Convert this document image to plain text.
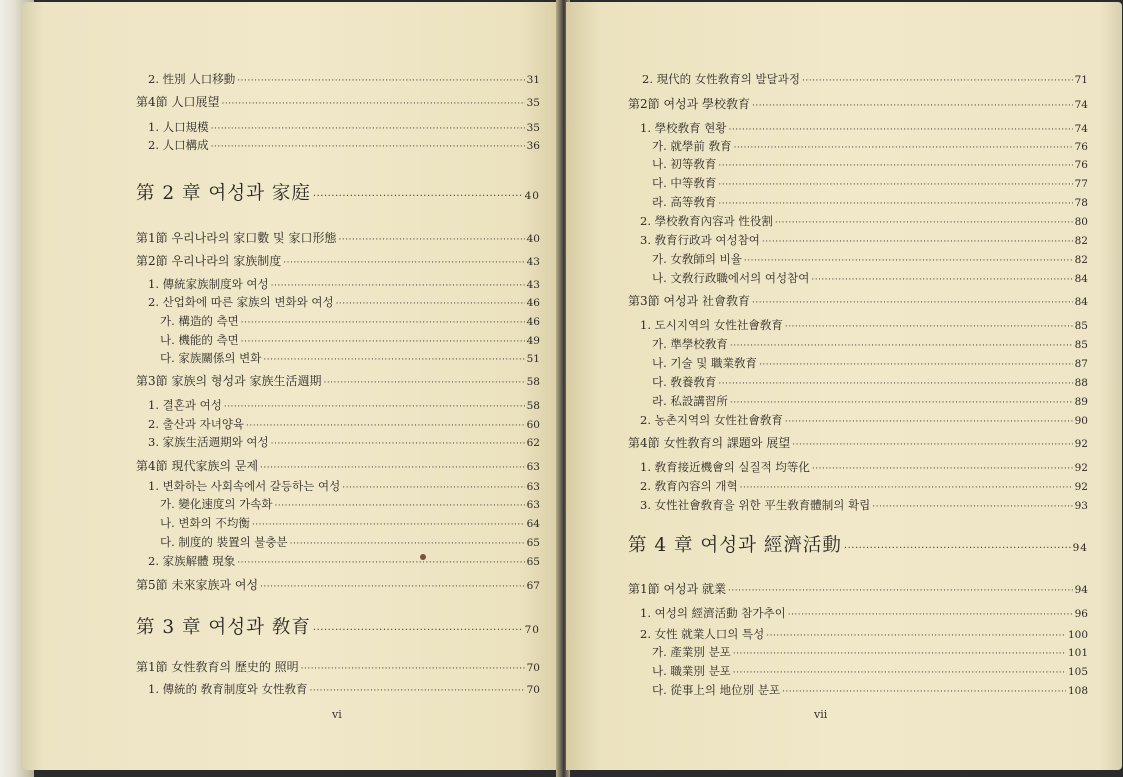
2. 性別 人口移動 ·····	31
第4節 人口展望 ·····	35
1. 人口規模 ·····	35
2. 人口構成 ·····	36
第 2 章 여성과 家庭 ·····	40
第1節 우리나라의 家口數 및 家口形態 ·····	40
第2節 우리나라의 家族制度 ·····	43
1. 傳統家族制度와 여성 ·····	43
2. 산업화에 따른 家族의 변화와 여성 ·····	46
가. 構造的 측면 ·····	46
나. 機能的 측면 ·····	49
다. 家族關係의 변화 ·····	51
第3節 家族의 형성과 家族生活週期 ·····	58
1. 결혼과 여성 ·····	58
2. 출산과 자녀양육 ·····	60
3. 家族生活週期와 여성 ·····	62
第4節 現代家族의 문제 ·····	63
1. 변화하는 사회속에서 갈등하는 여성 ·····	63
가. 變化速度의 가속화 ·····	63
나. 변화의 不均衡 ·····	64
다. 制度的 裝置의 불충분 ·····	65
2. 家族解體 現象 ·····	65
第5節 未來家族과 여성 ·····	67
第 3 章 여성과 敎育 ·····	70
第1節 女性敎育의 歷史的 照明 ·····	70
1. 傳統的 敎育制度와 女性敎育 ·····	70
vi
2. 現代的 女性敎育의 발달과정 ·····	71
第2節 여성과 學校敎育 ·····	74
1. 學校敎育 현황 ·····	74
가. 就學前 敎育 ·····	76
나. 初等敎育 ·····	76
다. 中等敎育 ·····	77
라. 高等敎育 ·····	78
2. 學校敎育內容과 性役割 ·····	80
3. 敎育行政과 여성참여 ·····	82
가. 女敎師의 비율 ·····	82
나. 文敎行政職에서의 여성참여 ·····	84
第3節 여성과 社會敎育 ·····	84
1. 도시지역의 女性社會敎育 ·····	85
가. 準學校敎育 ·····	85
나. 기술 및 職業敎育 ·····	87
다. 敎養敎育 ·····	88
라. 私設講習所 ·····	89
2. 농촌지역의 女性社會敎育 ·····	90
第4節 女性敎育의 課題와 展望 ·····	92
1. 敎育接近機會의 실질적 均等化 ·····	92
2. 敎育內容의 개혁 ·····	92
3. 女性社會敎育을 위한 平生敎育體制의 확립 ·····	93
第 4 章 여성과 經濟活動 ·····	94
第1節 여성과 就業 ·····	94
1. 여성의 經濟活動 참가추이 ·····	96
2. 女性 就業人口의 특성 ·····	100
가. 產業別 분포 ·····	101
나. 職業別 분포 ·····	105
다. 從事上의 地位別 분포 ·····	108
vii
